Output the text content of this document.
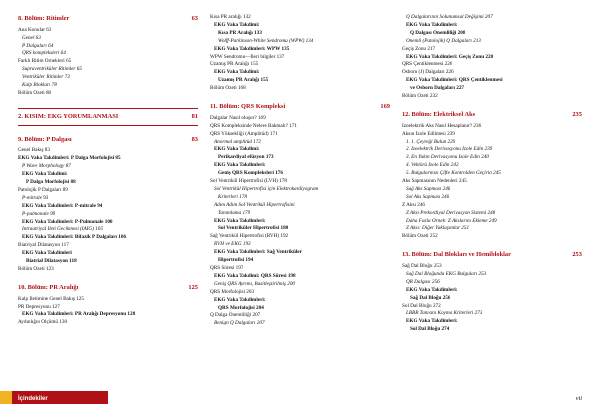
8. Bölüm: Ritimler	63
Ana Konular 63
Genel 63
P Dalgaları 64
QRS kompleksleri 64
Farklı Ritim Örnekleri 65
Supraventriküler Ritimler 65
Ventriküler Ritimler 73
Kalp Blokları 78
Bölüm Özeti 80
2. KISIM: EKG YORUMLANMASI	81
9. Bölüm: P Dalgası	83
Genel Bakış 83
EKG Vaka Takdimleri: P Dalga Morfolojisi 85
P Wave Morphology 87
EKG Vaka Takdimi:
P Dalga Morfolojisi 88
Patolojik P Dalgaları 89
P-mitrale 93
EKG Vaka Takdimleri: P-mitrale 94
P-pulmonale 99
EKG Vaka Takdimleri: P-Pulmonale 100
İntraatriyal İleti Gecikmesi (İAİG) 105
EKG Vaka Takdimleri: Bifazik P Dalgaları 106
Biatriyal Dilatasyon 117
EKG Vaka Takdimleri
Biatrial Dilatasyon 118
Bölüm Özeti 123
10. Bölüm: PR Aralığı	125
Kalp İletimine Genel Bakış 125
PR Depresyonu 127
EKG Vaka Takdimleri: PR Aralığı Depresyonu 128
Aydınlığın Ölçümü 130
Kısa PR aralığı 132
EKG Vaka Takdimi:
Kısa PR Aralığı 133
Wolff-Parkinson-White Sendromu (WPW) 134
EKG Vaka Takdimleri: WPW 135
WPW Sendromu—İleri bilgiler 137
Uzamış PR Aralığı 155
EKG Vaka Takdimi:
Uzamış PR Aralığı 155
Bölüm Özeti 168
11. Bölüm: QRS Kompleksi	169
Dalgalar Nasıl oluşur? 169
QRS Kompleksinde Nelere Bakmalı? 171
QRS Yüksekliği (Amplitüd) 171
Anormal amplitüd 172
EKG Vaka Takdimi:
Perikardiyal efüzyon 173
EKG Vaka Takdimleri:
Geniş QRS Kompleksleri 176
Sol Ventrikül Hipertrofisi (LVH) 178
Sol Ventrikül Hipertrofisi için Elektrokardiyogram
Kriterleri 178
Adım Adım Sol Ventrikül Hipertrofisini
Tanımlama 179
EKG Vaka Takdimleri:
Sol Ventriküler Hipertrofisi 180
Sağ Ventrikül Hipertrofisi (RVH) 192
RVH ve EKG 193
EKG Vaka Takdimleri: Sağ Ventriküler
Hipertrofisi 194
QRS Süresi 197
EKG Vaka Takdimi: QRS Süresi 198
Geniş QRS Ayrımı, Basitleştirilmiş 200
QRS Morfolojisi 203
EKG Vaka Takdimleri:
QRS Morfolojisi 204
Q Dalga Önemliliği 207
Benign Q Dalgaları 207
Q Dalgalarının Solunumsal Değişimi 207
EKG Vaka Takdimleri:
Q Dalgası Önemliliği 208
Önemli (Patolojik) Q Dalgaları 213
Geçiş Zonu 217
EKG Vaka Takdimleri: Geçiş Zonu 220
QRS Çentiklenmesi 226
Osborn (J) Dalgaları 226
EKG Vaka Takdimleri: QRS Çentiklenmesi
ve Osborn Dalgaları 227
Bölüm Özeti 232
12. Bölüm: Elektriksel Aks	235
İzoelektrik Aks Nasıl Hesaplanır? 236
Aksın İzole Edilmesi 239
1. 1. Çeyreği Bulun 239
2. İzoelektrik Derivasyonu İzole Edin 239
3. En Yakın Derivasyonu İzole Edin 240
4. Vektörü İzole Edin 242
5. Bulgularınızı Çifte Kontrolden Geçirin 245
Aks Sapmasının Nedenleri 245
Sağ Aks Sapması 246
Sol Aks Sapması 246
Z Aksı 246
Z Aksı Prekordiyal Derivasyon Sistemi 248
Daha Fazla Örnek: Z Akslarını Ekleme 249
Z Aksı: Diğer Yaklaşımlar 251
Bölüm Özeti 252
13. Bölüm: Dal Blokları ve Hemibloklar	253
Sağ Dal Bloğu 253
Sağ Dal Bloğunda EKG Bulguları 253
QR Dalgası 256
EKG Vaka Takdimleri:
Sağ Dal Bloğu 256
Sol Dal Bloğu 272
LBBB Tanısını Koyma Kriterleri 273
EKG Vaka Takdimleri:
Sol Dal Bloğu 274
İçindekiler	vii
